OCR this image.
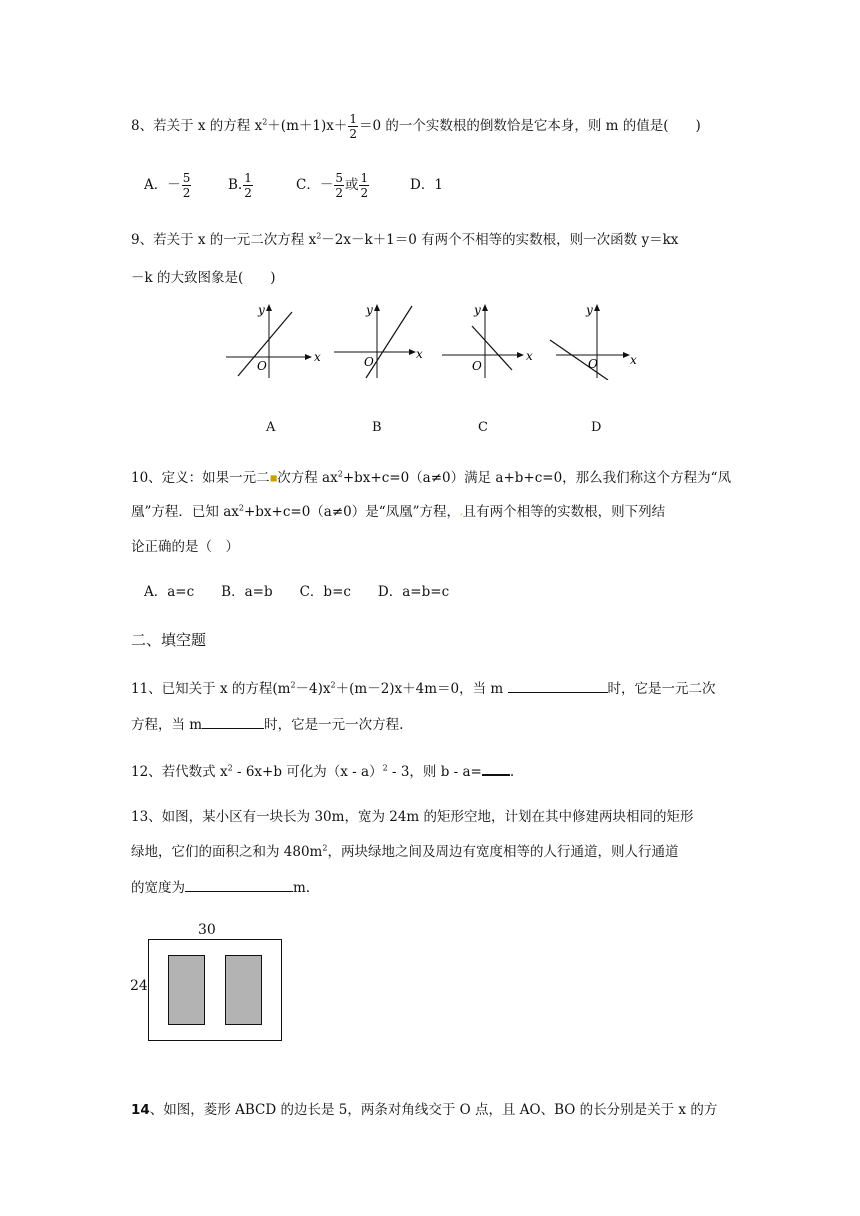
8、若关于 x 的方程 $x^2+(m+1)x+ \frac{1}{2} =0$ 的一个实数根的倒数恰是它本身，则 m 的值是(　　)
A．－ $\frac{5}{2}$	B. $\frac{1}{2}$	C．－ $\frac{5}{2}$ 或 $\frac{1}{2}$	D．1
9、若关于 x 的一元二次方程 $x^2-2x-k+1=0$ 有两个不相等的实数根，则一次函数 y＝kx
－k 的大致图象是(　　)
x
y
O
A
x
y
O
B
x
y
O
C
x
y
O
D
10、定义：如果一元二■次方程 $ax^2+bx+c=0(a\ne 0)$满足 a+b+c=0，那么我们称这个方程为“凤
凰”方程．已知 $ax^2+bx+c=0(a\ne 0)$是“凤凰”方程，,且有两个相等的实数根，则下列结
论正确的是（　）
A．a=c　　B．a=b　　C．b=c　　D．a=b=c
二、填空题
11、已知关于 x 的方程$(m^2-4)x^2+(m-2)x+4m=0$，当 m	时，它是一元二次
方程，当 m	时，它是一元一次方程.
12、若代数式 $x^2 - 6x+b$ 可化为（x - a）$^2$ - 3，则 b - a= .
13、如图，某小区有一块长为 30m，宽为 24m 的矩形空地，计划在其中修建两块相同的矩形
绿地，它们的面积之和为 $480m^2$，两块绿地之间及周边有宽度相等的人行通道，则人行通道
的宽度为	m.
30
24
14、如图，菱形 ABCD 的边长是 5，两条对角线交于 O 点，且 AO、BO 的长分别是关于 x 的方
